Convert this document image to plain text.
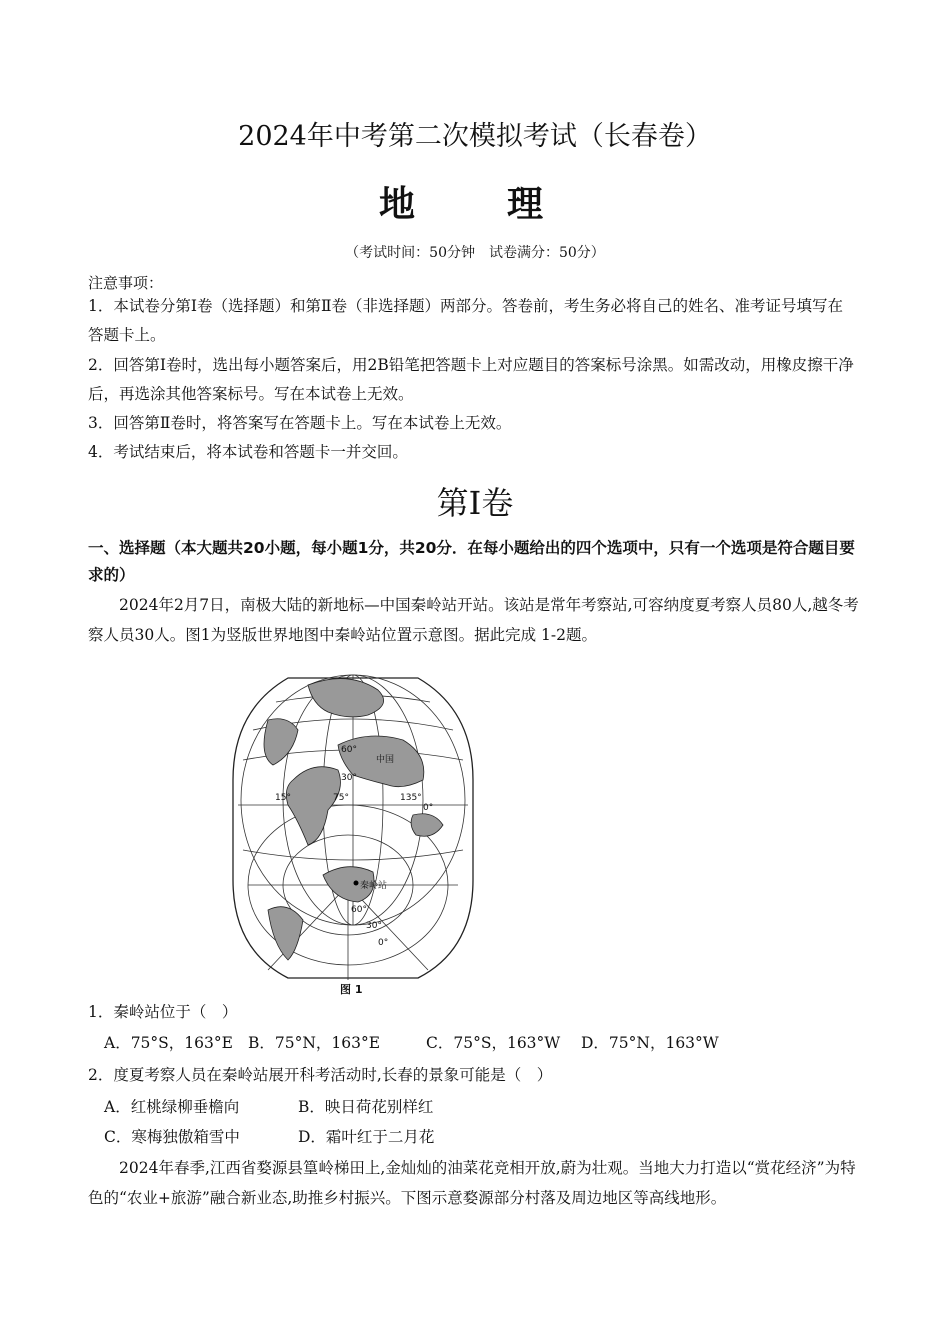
2024年中考第二次模拟考试（长春卷）
地　理
（考试时间：50分钟　试卷满分：50分）
注意事项：
1．本试卷分第Ⅰ卷（选择题）和第Ⅱ卷（非选择题）两部分。答卷前，考生务必将自己的姓名、准考证号填写在答题卡上。
2．回答第Ⅰ卷时，选出每小题答案后，用2B铅笔把答题卡上对应题目的答案标号涂黑。如需改动，用橡皮擦干净后，再选涂其他答案标号。写在本试卷上无效。
3．回答第Ⅱ卷时，将答案写在答题卡上。写在本试卷上无效。
4．考试结束后，将本试卷和答题卡一并交回。
第Ⅰ卷
一、选择题（本大题共20小题，每小题1分，共20分．在每小题给出的四个选项中，只有一个选项是符合题目要求的）
2024年2月7日，南极大陆的新地标—中国秦岭站开站。该站是常年考察站,可容纳度夏考察人员80人,越冬考察人员30人。图1为竖版世界地图中秦岭站位置示意图。据此完成 1-2题。
60°
30°
15°	75°	135°
0°
60°
30°
0°
秦岭站
中国
图 1
1．秦岭站位于（　）
A．75°S，163°E B．75°N，163°E	C．75°S，163°W D．75°N，163°W
2．度夏考察人员在秦岭站展开科考活动时,长春的景象可能是（　）
A．红桃绿柳垂檐向	B．映日荷花别样红
C．寒梅独傲箱雪中	D．霜叶红于二月花
2024年春季,江西省婺源县篁岭梯田上,金灿灿的油菜花竞相开放,蔚为壮观。当地大力打造以“赏花经济”为特色的“农业+旅游”融合新业态,助推乡村振兴。下图示意婺源部分村落及周边地区等高线地形。
